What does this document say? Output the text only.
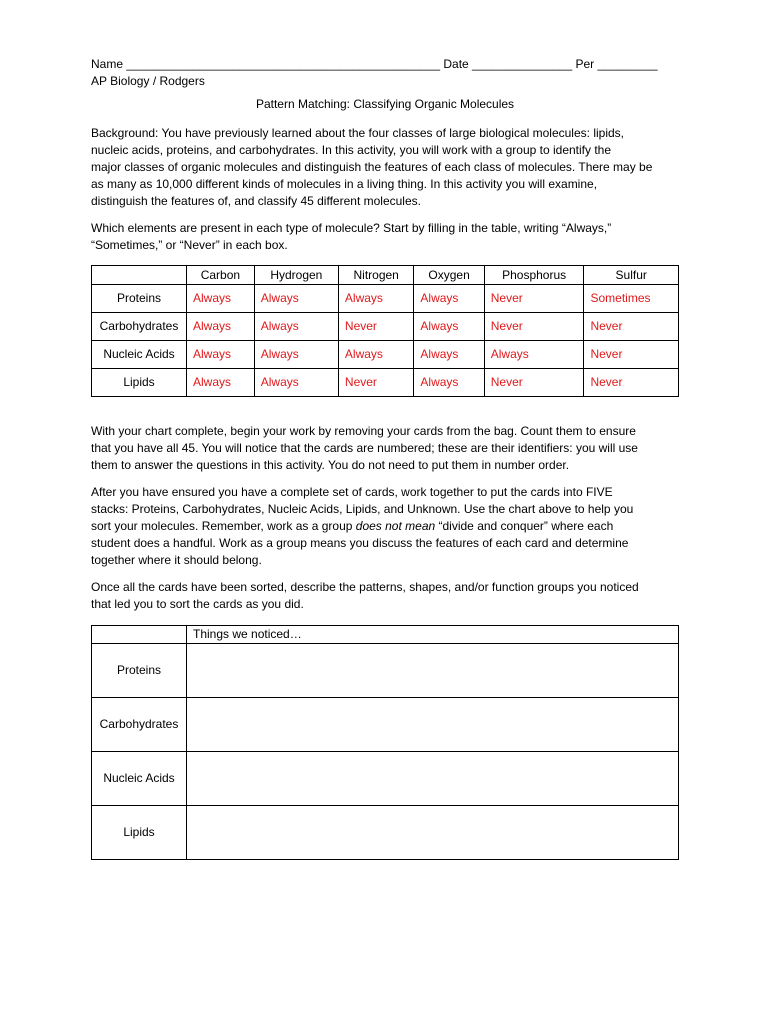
Name _______________________________________________ Date _______________ Per _________
AP Biology / Rodgers
Pattern Matching: Classifying Organic Molecules

Background: You have previously learned about the four classes of large biological molecules: lipids,
nucleic acids, proteins, and carbohydrates. In this activity, you will work with a group to identify the
major classes of organic molecules and distinguish the features of each class of molecules. There may be
as many as 10,000 different kinds of molecules in a living thing. In this activity you will examine,
distinguish the features of, and classify 45 different molecules.

Which elements are present in each type of molecule? Start by filling in the table, writing “Always,”
“Sometimes,” or “Never” in each box.

	Carbon	Hydrogen	Nitrogen	Oxygen	Phosphorus	Sulfur
Proteins	Always	Always	Always	Always	Never	Sometimes
Carbohydrates	Always	Always	Never	Always	Never	Never
Nucleic Acids	Always	Always	Always	Always	Always	Never
Lipids	Always	Always	Never	Always	Never	Never

With your chart complete, begin your work by removing your cards from the bag. Count them to ensure
that you have all 45. You will notice that the cards are numbered; these are their identifiers: you will use
them to answer the questions in this activity. You do not need to put them in number order.

After you have ensured you have a complete set of cards, work together to put the cards into FIVE
stacks: Proteins, Carbohydrates, Nucleic Acids, Lipids, and Unknown. Use the chart above to help you
sort your molecules. Remember, work as a group does not mean “divide and conquer” where each
student does a handful. Work as a group means you discuss the features of each card and determine
together where it should belong.

Once all the cards have been sorted, describe the patterns, shapes, and/or function groups you noticed
that led you to sort the cards as you did.

	Things we noticed…
Proteins	
Carbohydrates	
Nucleic Acids	
Lipids	
